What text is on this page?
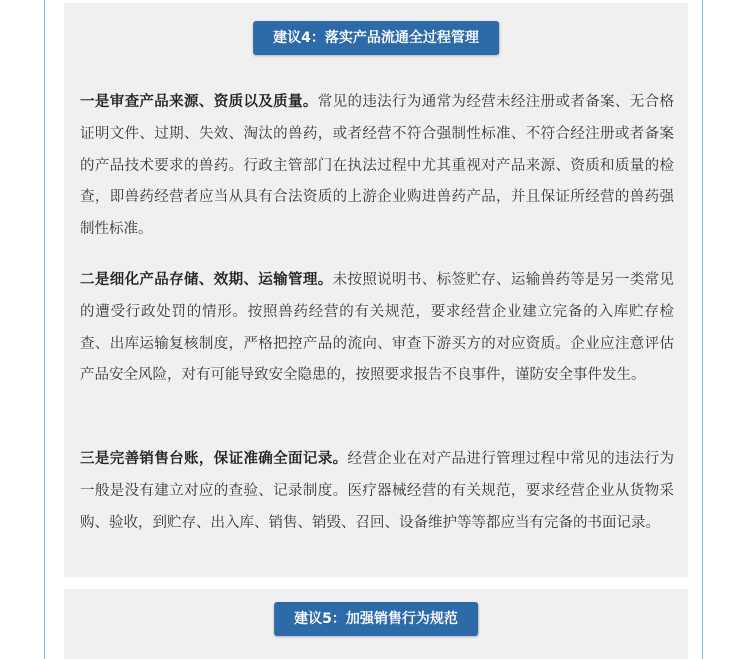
建议4：落实产品流通全过程管理

一是审查产品来源、资质以及质量。常见的违法行为通常为经营未经注册或者备案、无合格证明文件、过期、失效、淘汰的兽药，或者经营不符合强制性标准、不符合经注册或者备案的产品技术要求的兽药。行政主管部门在执法过程中尤其重视对产品来源、资质和质量的检查，即兽药经营者应当从具有合法资质的上游企业购进兽药产品，并且保证所经营的兽药强制性标准。

二是细化产品存储、效期、运输管理。未按照说明书、标签贮存、运输兽药等是另一类常见的遭受行政处罚的情形。按照兽药经营的有关规范，要求经营企业建立完备的入库贮存检查、出库运输复核制度，严格把控产品的流向、审查下游买方的对应资质。企业应注意评估产品安全风险，对有可能导致安全隐患的，按照要求报告不良事件，谨防安全事件发生。

三是完善销售台账，保证准确全面记录。经营企业在对产品进行管理过程中常见的违法行为一般是没有建立对应的查验、记录制度。医疗器械经营的有关规范，要求经营企业从货物采购、验收，到贮存、出入库、销售、销毁、召回、设备维护等等都应当有完备的书面记录。

建议5：加强销售行为规范
